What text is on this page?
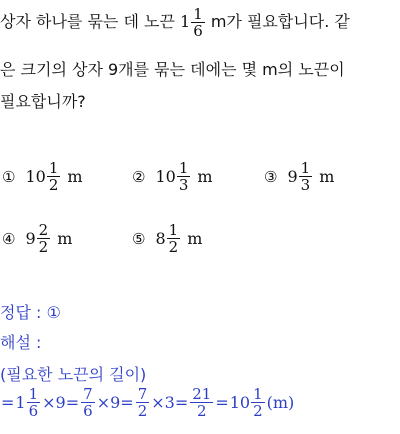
상자 하나를 묶는 데 노끈 $1 \frac{1}{6}$ m가 필요합니다. 같
은 크기의 상자 9개를 묶는 데에는 몇 m의 노끈이
필요합니까?
① $10 \frac{1}{2}$ m	② $10 \frac{1}{3}$ m	③ $9 \frac{1}{3}$ m
④ $9 \frac{2}{2}$ m	⑤ $8 \frac{1}{2}$ m
정답 : ①
해설 :
(필요한 노끈의 길이)
= $1 \frac{1}{6} \times 9= \frac{7}{6} \times 9= \frac{7}{2} \times 3= \frac{21}{2} = 10 \frac{1}{2} (m)$
